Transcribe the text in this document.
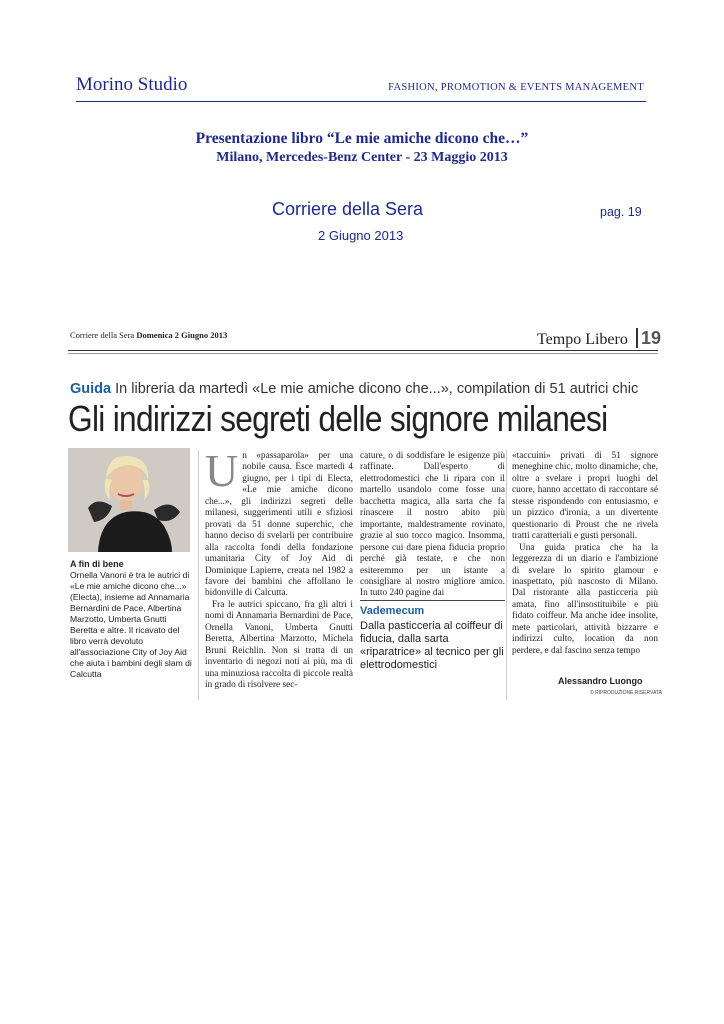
Morino Studio	FASHION, PROMOTION & EVENTS MANAGEMENT
Presentazione libro “Le mie amiche dicono che…”
Milano, Mercedes-Benz Center - 23 Maggio 2013
Corriere della Sera	pag. 19
2 Giugno 2013
Corriere della Sera Domenica 2 Giugno 2013	Tempo Libero 19
Guida In libreria da martedì «Le mie amiche dicono che...», compilation di 51 autrici chic
Gli indirizzi segreti delle signore milanesi
A fin di bene
Ornella Vanoni è tra le autrici di «Le mie amiche dicono che...» (Electa), insieme ad Annamaria Bernardini de Pace, Albertina Marzotto, Umberta Gnutti Beretta e altre. Il ricavato del libro verrà devoluto all'associazione City of Joy Aid che aiuta i bambini degli slam di Calcutta
U n «passaparola» per una nobile causa. Esce martedì 4 giugno, per i tipi di Electa, «Le mie amiche dicono che...», gli indirizzi segreti delle milanesi, suggerimenti utili e sfiziosi provati da 51 donne superchic, che hanno deciso di svelarli per contribuire alla raccolta fondi della fondazione umanitaria City of Joy Aid di Dominique Lapierre, creata nel 1982 a favore dei bambini che affollano le bidonville di Calcutta.

Fra le autrici spiccano, fra gli altri i nomi di Annamaria Bernardini de Pace, Ornella Vanoni, Umberta Gnutti Beretta, Albertina Marzotto, Michela Bruni Reichlin. Non si tratta di un inventario di negozi noti ai più, ma di una minuziosa raccolta di piccole realtà in grado di risolvere sec-

cature, o di soddisfare le esigenze più raffinate. Dall'esperto di elettrodomestici che li ripara con il martello usandolo come fosse una bacchetta magica, alla sarta che fa rinascere il nostro abito più importante, maldestramente rovinato, grazie al suo tocco magico. Insomma, persone cui dare piena fiducia proprio perché già testate, e che non esiteremmo per un istante a consigliare al nostro migliore amico. In tutto 240 pagine dai

Vademecum
Dalla pasticceria al coiffeur di fiducia, dalla sarta «riparatrice» al tecnico per gli elettrodomestici

«taccuini» privati di 51 signore meneghine chic, molto dinamiche, che, oltre a svelare i propri luoghi del cuore, hanno accettato di raccontare sé stesse rispondendo con entusiasmo, e un pizzico d'ironia, a un divertente questionario di Proust che ne rivela tratti caratteriali e gusti personali.

Una guida pratica che ha la leggerezza di un diario e l'ambizione di svelare lo spirito glamour e inaspettato, più nascosto di Milano. Dal ristorante alla pasticceria più amata, fino all'insostituibile e più fidato coiffeur. Ma anche idee insolite, mete particolari, attività bizzarre e indirizzi culto, location da non perdere, e dal fascino senza tempo

Alessandro Luongo
© RIPRODUZIONE RISERVATA
